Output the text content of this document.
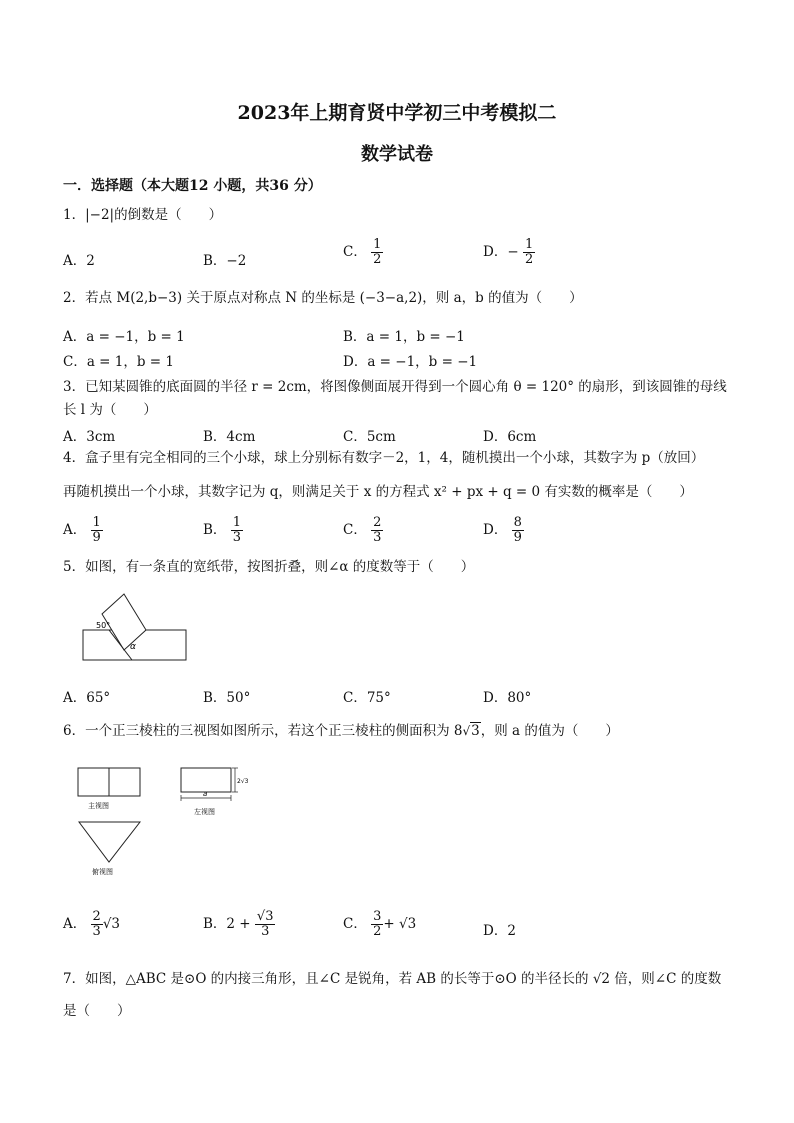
2023年上期育贤中学初三中考模拟二
数学试卷
一．选择题（本大题12 小题，共36 分）
1．|−2|的倒数是（　　）
A．2	B．−2
C． $\frac{1}{2}$	D．− $\frac{1}{2}$
2．若点 M(2,b−3) 关于原点对称点 N 的坐标是 (−3−a,2)，则 a，b 的值为（　　）
A．a = −1，b = 1	B．a = 1，b = −1
C．a = 1，b = 1	D．a = −1，b = −1
3．已知某圆锥的底面圆的半径 r = 2cm，将图像侧面展开得到一个圆心角 θ = 120° 的扇形，到该圆锥的母线
长 l 为（　　）
A．3cm	B．4cm	C．5cm	D．6cm
4．盒子里有完全相同的三个小球，球上分别标有数字－2，1，4，随机摸出一个小球，其数字为 p（放回）
再随机摸出一个小球，其数字记为 q，则满足关于 x 的方程式 x² + px + q = 0 有实数的概率是（　　）
A． $\frac{1}{9}$	B． $\frac{1}{3}$	C． $\frac{2}{3}$	D． $\frac{8}{9}$
5．如图，有一条直的宽纸带，按图折叠，则∠α 的度数等于（　　）
50°
α
A．65°	B．50°	C．75°	D．80°
6．一个正三棱柱的三视图如图所示，若这个正三棱柱的侧面积为 8√3，则 a 的值为（　　）
主视图
2√3
a
左视图
俯视图
A． $\frac{2}{3} √3$	B．$2 + \frac{√3}{3}$	C． $\frac{3}{2} + √3$	D．2
7．如图，△ABC 是⊙O 的内接三角形，且∠C 是锐角，若 AB 的长等于⊙O 的半径长的 √2 倍，则∠C 的度数
是（　　）
